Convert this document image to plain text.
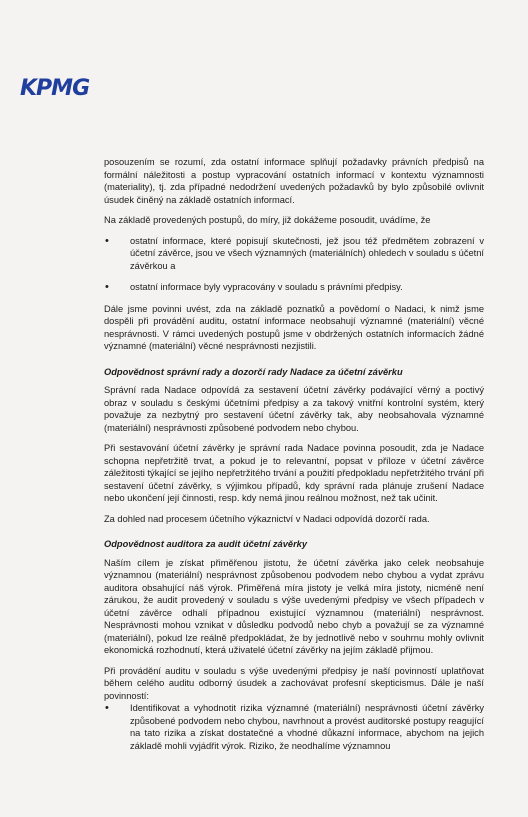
KPMG

posouzením se rozumí, zda ostatní informace splňují požadavky právních předpisů na formální náležitosti a postup vypracování ostatních informací v kontextu významnosti (materiality), tj. zda případné nedodržení uvedených požadavků by bylo způsobilé ovlivnit úsudek činěný na základě ostatních informací.

Na základě provedených postupů, do míry, již dokážeme posoudit, uvádíme, že

• ostatní informace, které popisují skutečnosti, jež jsou též předmětem zobrazení v účetní závěrce, jsou ve všech významných (materiálních) ohledech v souladu s účetní závěrkou a
• ostatní informace byly vypracovány v souladu s právními předpisy.

Dále jsme povinni uvést, zda na základě poznatků a povědomí o Nadaci, k nimž jsme dospěli při provádění auditu, ostatní informace neobsahují významné (materiální) věcné nesprávnosti. V rámci uvedených postupů jsme v obdržených ostatních informacích žádné významné (materiální) věcné nesprávnosti nezjistili.

Odpovědnost správní rady a dozorčí rady Nadace za účetní závěrku

Správní rada Nadace odpovídá za sestavení účetní závěrky podávající věrný a poctivý obraz v souladu s českými účetními předpisy a za takový vnitřní kontrolní systém, který považuje za nezbytný pro sestavení účetní závěrky tak, aby neobsahovala významné (materiální) nesprávnosti způsobené podvodem nebo chybou.

Při sestavování účetní závěrky je správní rada Nadace povinna posoudit, zda je Nadace schopna nepřetržitě trvat, a pokud je to relevantní, popsat v příloze v účetní závěrce záležitosti týkající se jejího nepřetržitého trvání a použití předpokladu nepřetržitého trvání při sestavení účetní závěrky, s výjimkou případů, kdy správní rada plánuje zrušení Nadace nebo ukončení její činnosti, resp. kdy nemá jinou reálnou možnost, než tak učinit.

Za dohled nad procesem účetního výkaznictví v Nadaci odpovídá dozorčí rada.

Odpovědnost auditora za audit účetní závěrky

Naším cílem je získat přiměřenou jistotu, že účetní závěrka jako celek neobsahuje významnou (materiální) nesprávnost způsobenou podvodem nebo chybou a vydat zprávu auditora obsahující náš výrok. Přiměřená míra jistoty je velká míra jistoty, nicméně není zárukou, že audit provedený v souladu s výše uvedenými předpisy ve všech případech v účetní závěrce odhalí případnou existující významnou (materiální) nesprávnost. Nesprávnosti mohou vznikat v důsledku podvodů nebo chyb a považují se za významné (materiální), pokud lze reálně předpokládat, že by jednotlivě nebo v souhrnu mohly ovlivnit ekonomická rozhodnutí, která uživatelé účetní závěrky na jejím základě přijmou.

Při provádění auditu v souladu s výše uvedenými předpisy je naší povinností uplatňovat během celého auditu odborný úsudek a zachovávat profesní skepticismus. Dále je naší povinností:

• Identifikovat a vyhodnotit rizika významné (materiální) nesprávnosti účetní závěrky způsobené podvodem nebo chybou, navrhnout a provést auditorské postupy reagující na tato rizika a získat dostatečné a vhodné důkazní informace, abychom na jejich základě mohli vyjádřit výrok. Riziko, že neodhalíme významnou
